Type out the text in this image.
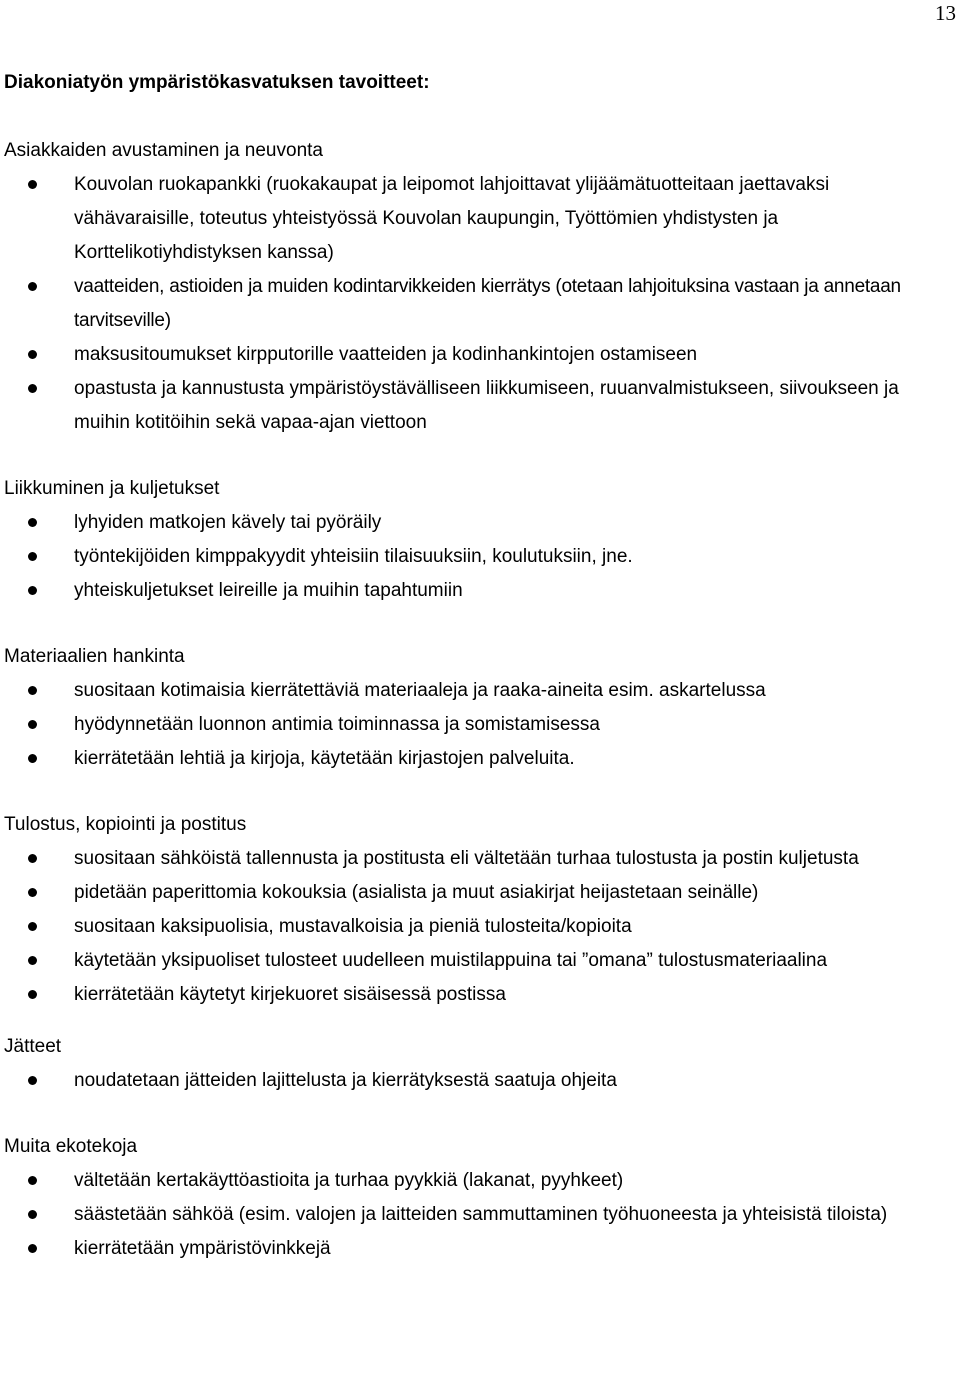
13

Diakoniatyön ympäristökasvatuksen tavoitteet:

Asiakkaiden avustaminen ja neuvonta

Kouvolan ruokapankki (ruokakaupat ja leipomot lahjoittavat ylijäämätuotteitaan jaettavaksi vähävaraisille, toteutus yhteistyössä Kouvolan kaupungin, Työttömien yhdistysten ja Korttelikotiyhdistyksen kanssa)
vaatteiden, astioiden ja muiden kodintarvikkeiden kierrätys (otetaan lahjoituksina vastaan ja annetaan tarvitseville)
maksusitoumukset kirpputorille vaatteiden ja kodinhankintojen ostamiseen
opastusta ja kannustusta ympäristöystävälliseen liikkumiseen, ruuanvalmistukseen, siivoukseen ja muihin kotitöihin sekä vapaa-ajan viettoon

Liikkuminen ja kuljetukset

lyhyiden matkojen kävely tai pyöräily
työntekijöiden kimppakyydit yhteisiin tilaisuuksiin, koulutuksiin, jne.
yhteiskuljetukset leireille ja muihin tapahtumiin

Materiaalien hankinta

suositaan kotimaisia kierrätettäviä materiaaleja ja raaka-aineita esim. askartelussa
hyödynnetään luonnon antimia toiminnassa ja somistamisessa
kierrätetään lehtiä ja kirjoja, käytetään kirjastojen palveluita.

Tulostus, kopiointi ja postitus

suositaan sähköistä tallennusta ja postitusta eli vältetään turhaa tulostusta ja postin kuljetusta
pidetään paperittomia kokouksia (asialista ja muut asiakirjat heijastetaan seinälle)
suositaan kaksipuolisia, mustavalkoisia ja pieniä tulosteita/kopioita
käytetään yksipuoliset tulosteet uudelleen muistilappuina tai ”omana” tulostusmateriaalina
kierrätetään käytetyt kirjekuoret sisäisessä postissa

Jätteet

noudatetaan jätteiden lajittelusta ja kierrätyksestä saatuja ohjeita

Muita ekotekoja

vältetään kertakäyttöastioita ja turhaa pyykkiä (lakanat, pyyhkeet)
säästetään sähköä (esim. valojen ja laitteiden sammuttaminen työhuoneesta ja yhteisistä tiloista)
kierrätetään ympäristövinkkejä
